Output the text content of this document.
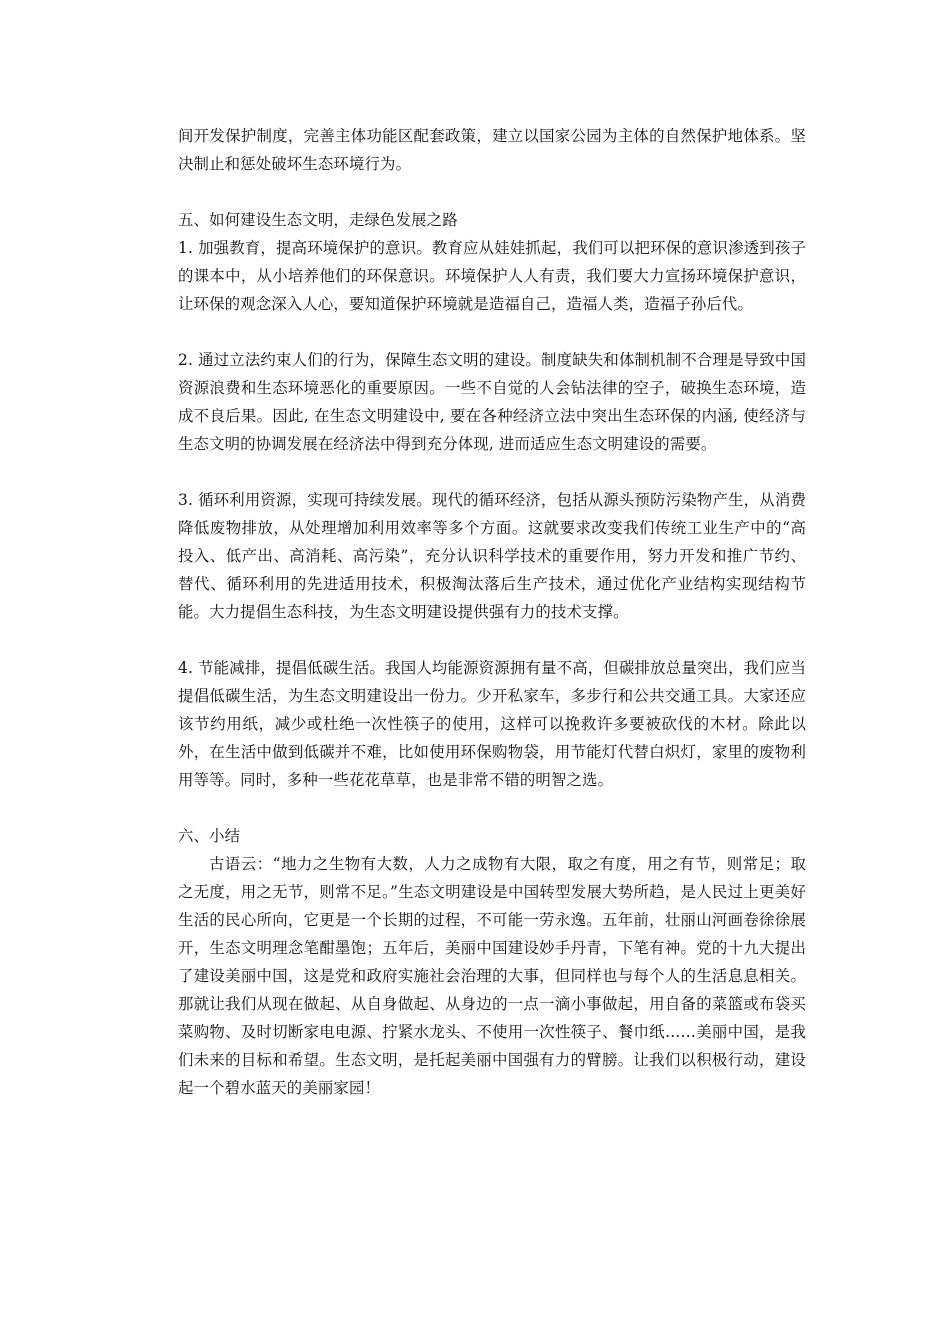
间开发保护制度，完善主体功能区配套政策，建立以国家公园为主体的自然保护地体系。坚决制止和惩处破坏生态环境行为。

五、如何建设生态文明，走绿色发展之路

1. 加强教育，提高环境保护的意识。教育应从娃娃抓起，我们可以把环保的意识渗透到孩子的课本中，从小培养他们的环保意识。环境保护人人有责，我们要大力宣扬环境保护意识，让环保的观念深入人心，要知道保护环境就是造福自己，造福人类，造福子孙后代。

2. 通过立法约束人们的行为，保障生态文明的建设。制度缺失和体制机制不合理是导致中国资源浪费和生态环境恶化的重要原因。一些不自觉的人会钻法律的空子，破换生态环境，造成不良后果。因此, 在生态文明建设中, 要在各种经济立法中突出生态环保的内涵, 使经济与生态文明的协调发展在经济法中得到充分体现, 进而适应生态文明建设的需要。

3. 循环利用资源，实现可持续发展。现代的循环经济，包括从源头预防污染物产生，从消费降低废物排放，从处理增加利用效率等多个方面。这就要求改变我们传统工业生产中的“高投入、低产出、高消耗、高污染”，充分认识科学技术的重要作用，努力开发和推广节约、替代、循环利用的先进适用技术，积极淘汰落后生产技术，通过优化产业结构实现结构节能。大力提倡生态科技，为生态文明建设提供强有力的技术支撑。

4. 节能减排，提倡低碳生活。我国人均能源资源拥有量不高，但碳排放总量突出，我们应当提倡低碳生活，为生态文明建设出一份力。少开私家车，多步行和公共交通工具。大家还应该节约用纸，减少或杜绝一次性筷子的使用，这样可以挽救许多要被砍伐的木材。除此以外，在生活中做到低碳并不难，比如使用环保购物袋，用节能灯代替白炽灯，家里的废物利用等等。同时，多种一些花花草草，也是非常不错的明智之选。

六、小结

古语云：“地力之生物有大数，人力之成物有大限，取之有度，用之有节，则常足；取之无度，用之无节，则常不足。”生态文明建设是中国转型发展大势所趋，是人民过上更美好生活的民心所向，它更是一个长期的过程，不可能一劳永逸。五年前，壮丽山河画卷徐徐展开，生态文明理念笔酣墨饱；五年后，美丽中国建设妙手丹青，下笔有神。党的十九大提出了建设美丽中国，这是党和政府实施社会治理的大事，但同样也与每个人的生活息息相关。那就让我们从现在做起、从自身做起、从身边的一点一滴小事做起，用自备的菜篮或布袋买菜购物、及时切断家电电源、拧紧水龙头、不使用一次性筷子、餐巾纸……美丽中国，是我们未来的目标和希望。生态文明，是托起美丽中国强有力的臂膀。让我们以积极行动，建设起一个碧水蓝天的美丽家园！
